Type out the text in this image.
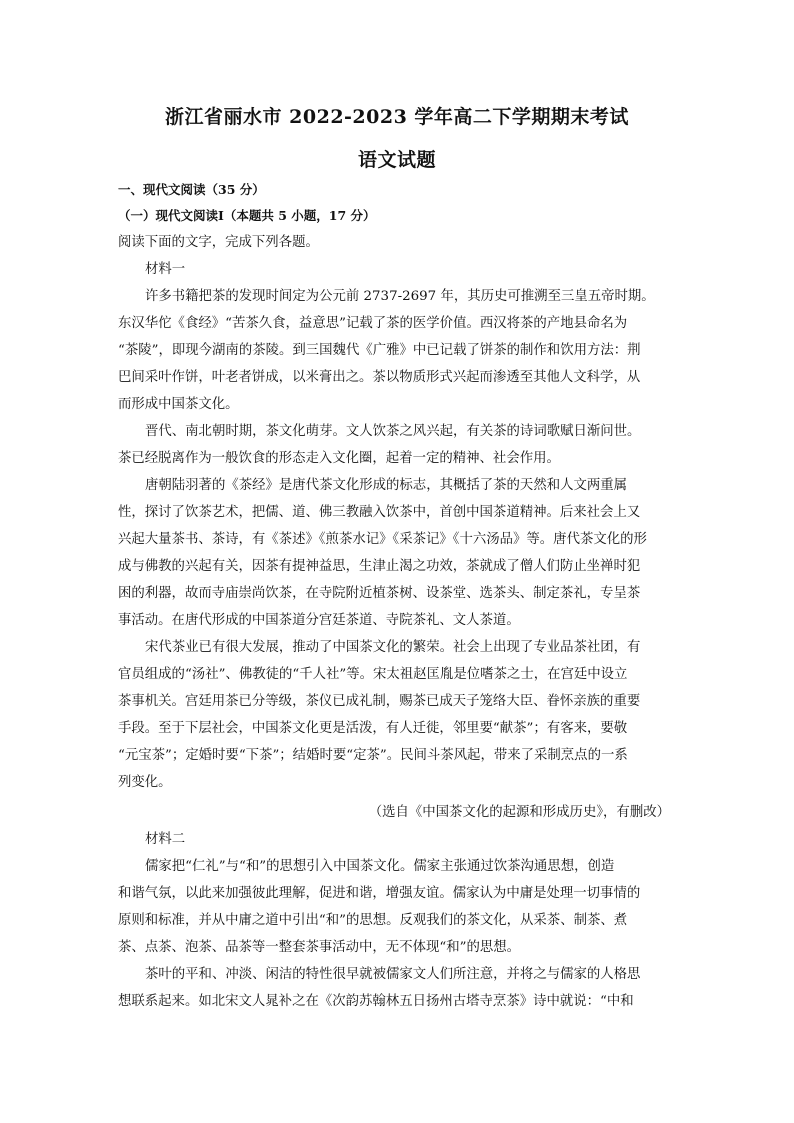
浙江省丽水市 2022-2023 学年高二下学期期末考试
语文试题
一、现代文阅读（35 分）
（一）现代文阅读Ⅰ（本题共 5 小题，17 分）
阅读下面的文字，完成下列各题。
材料一
许多书籍把茶的发现时间定为公元前 2737-2697 年，其历史可推溯至三皇五帝时期。
东汉华佗《食经》“苦茶久食，益意思”记载了茶的医学价值。西汉将茶的产地县命名为
“茶陵”，即现今湖南的茶陵。到三国魏代《广雅》中已记载了饼茶的制作和饮用方法：荆
巴间采叶作饼，叶老者饼成，以米膏出之。茶以物质形式兴起而渗透至其他人文科学，从
而形成中国茶文化。
晋代、南北朝时期，茶文化萌芽。文人饮茶之风兴起，有关茶的诗词歌赋日渐问世。
茶已经脱离作为一般饮食的形态走入文化圈，起着一定的精神、社会作用。
唐朝陆羽著的《茶经》是唐代茶文化形成的标志，其概括了茶的天然和人文两重属
性，探讨了饮茶艺术，把儒、道、佛三教融入饮茶中，首创中国茶道精神。后来社会上又
兴起大量茶书、茶诗，有《茶述》《煎茶水记》《采茶记》《十六汤品》等。唐代茶文化的形
成与佛教的兴起有关，因茶有提神益思，生津止渴之功效，茶就成了僧人们防止坐禅时犯
困的利器，故而寺庙崇尚饮茶，在寺院附近植茶树、设茶堂、选茶头、制定茶礼，专呈茶
事活动。在唐代形成的中国茶道分宫廷茶道、寺院茶礼、文人茶道。
宋代茶业已有很大发展，推动了中国茶文化的繁荣。社会上出现了专业品茶社团，有
官员组成的“汤社”、佛教徒的“千人社”等。宋太祖赵匡胤是位嗜茶之士，在宫廷中设立
茶事机关。宫廷用茶已分等级，茶仪已成礼制，赐茶已成天子笼络大臣、眷怀亲族的重要
手段。至于下层社会，中国茶文化更是活泼，有人迁徙，邻里要“献茶”；有客来，要敬
“元宝茶”；定婚时要“下茶”；结婚时要“定茶”。民间斗茶风起，带来了采制烹点的一系
列变化。
（选自《中国茶文化的起源和形成历史》，有删改）
材料二
儒家把“仁礼”与“和”的思想引入中国茶文化。儒家主张通过饮茶沟通思想，创造
和谐气氛，以此来加强彼此理解，促进和谐，增强友谊。儒家认为中庸是处理一切事情的
原则和标准，并从中庸之道中引出“和”的思想。反观我们的茶文化，从采茶、制茶、煮
茶、点茶、泡茶、品茶等一整套茶事活动中，无不体现“和”的思想。
茶叶的平和、冲淡、闲洁的特性很早就被儒家文人们所注意，并将之与儒家的人格思
想联系起来。如北宋文人晁补之在《次韵苏翰林五日扬州古塔寺烹茶》诗中就说：“中和
